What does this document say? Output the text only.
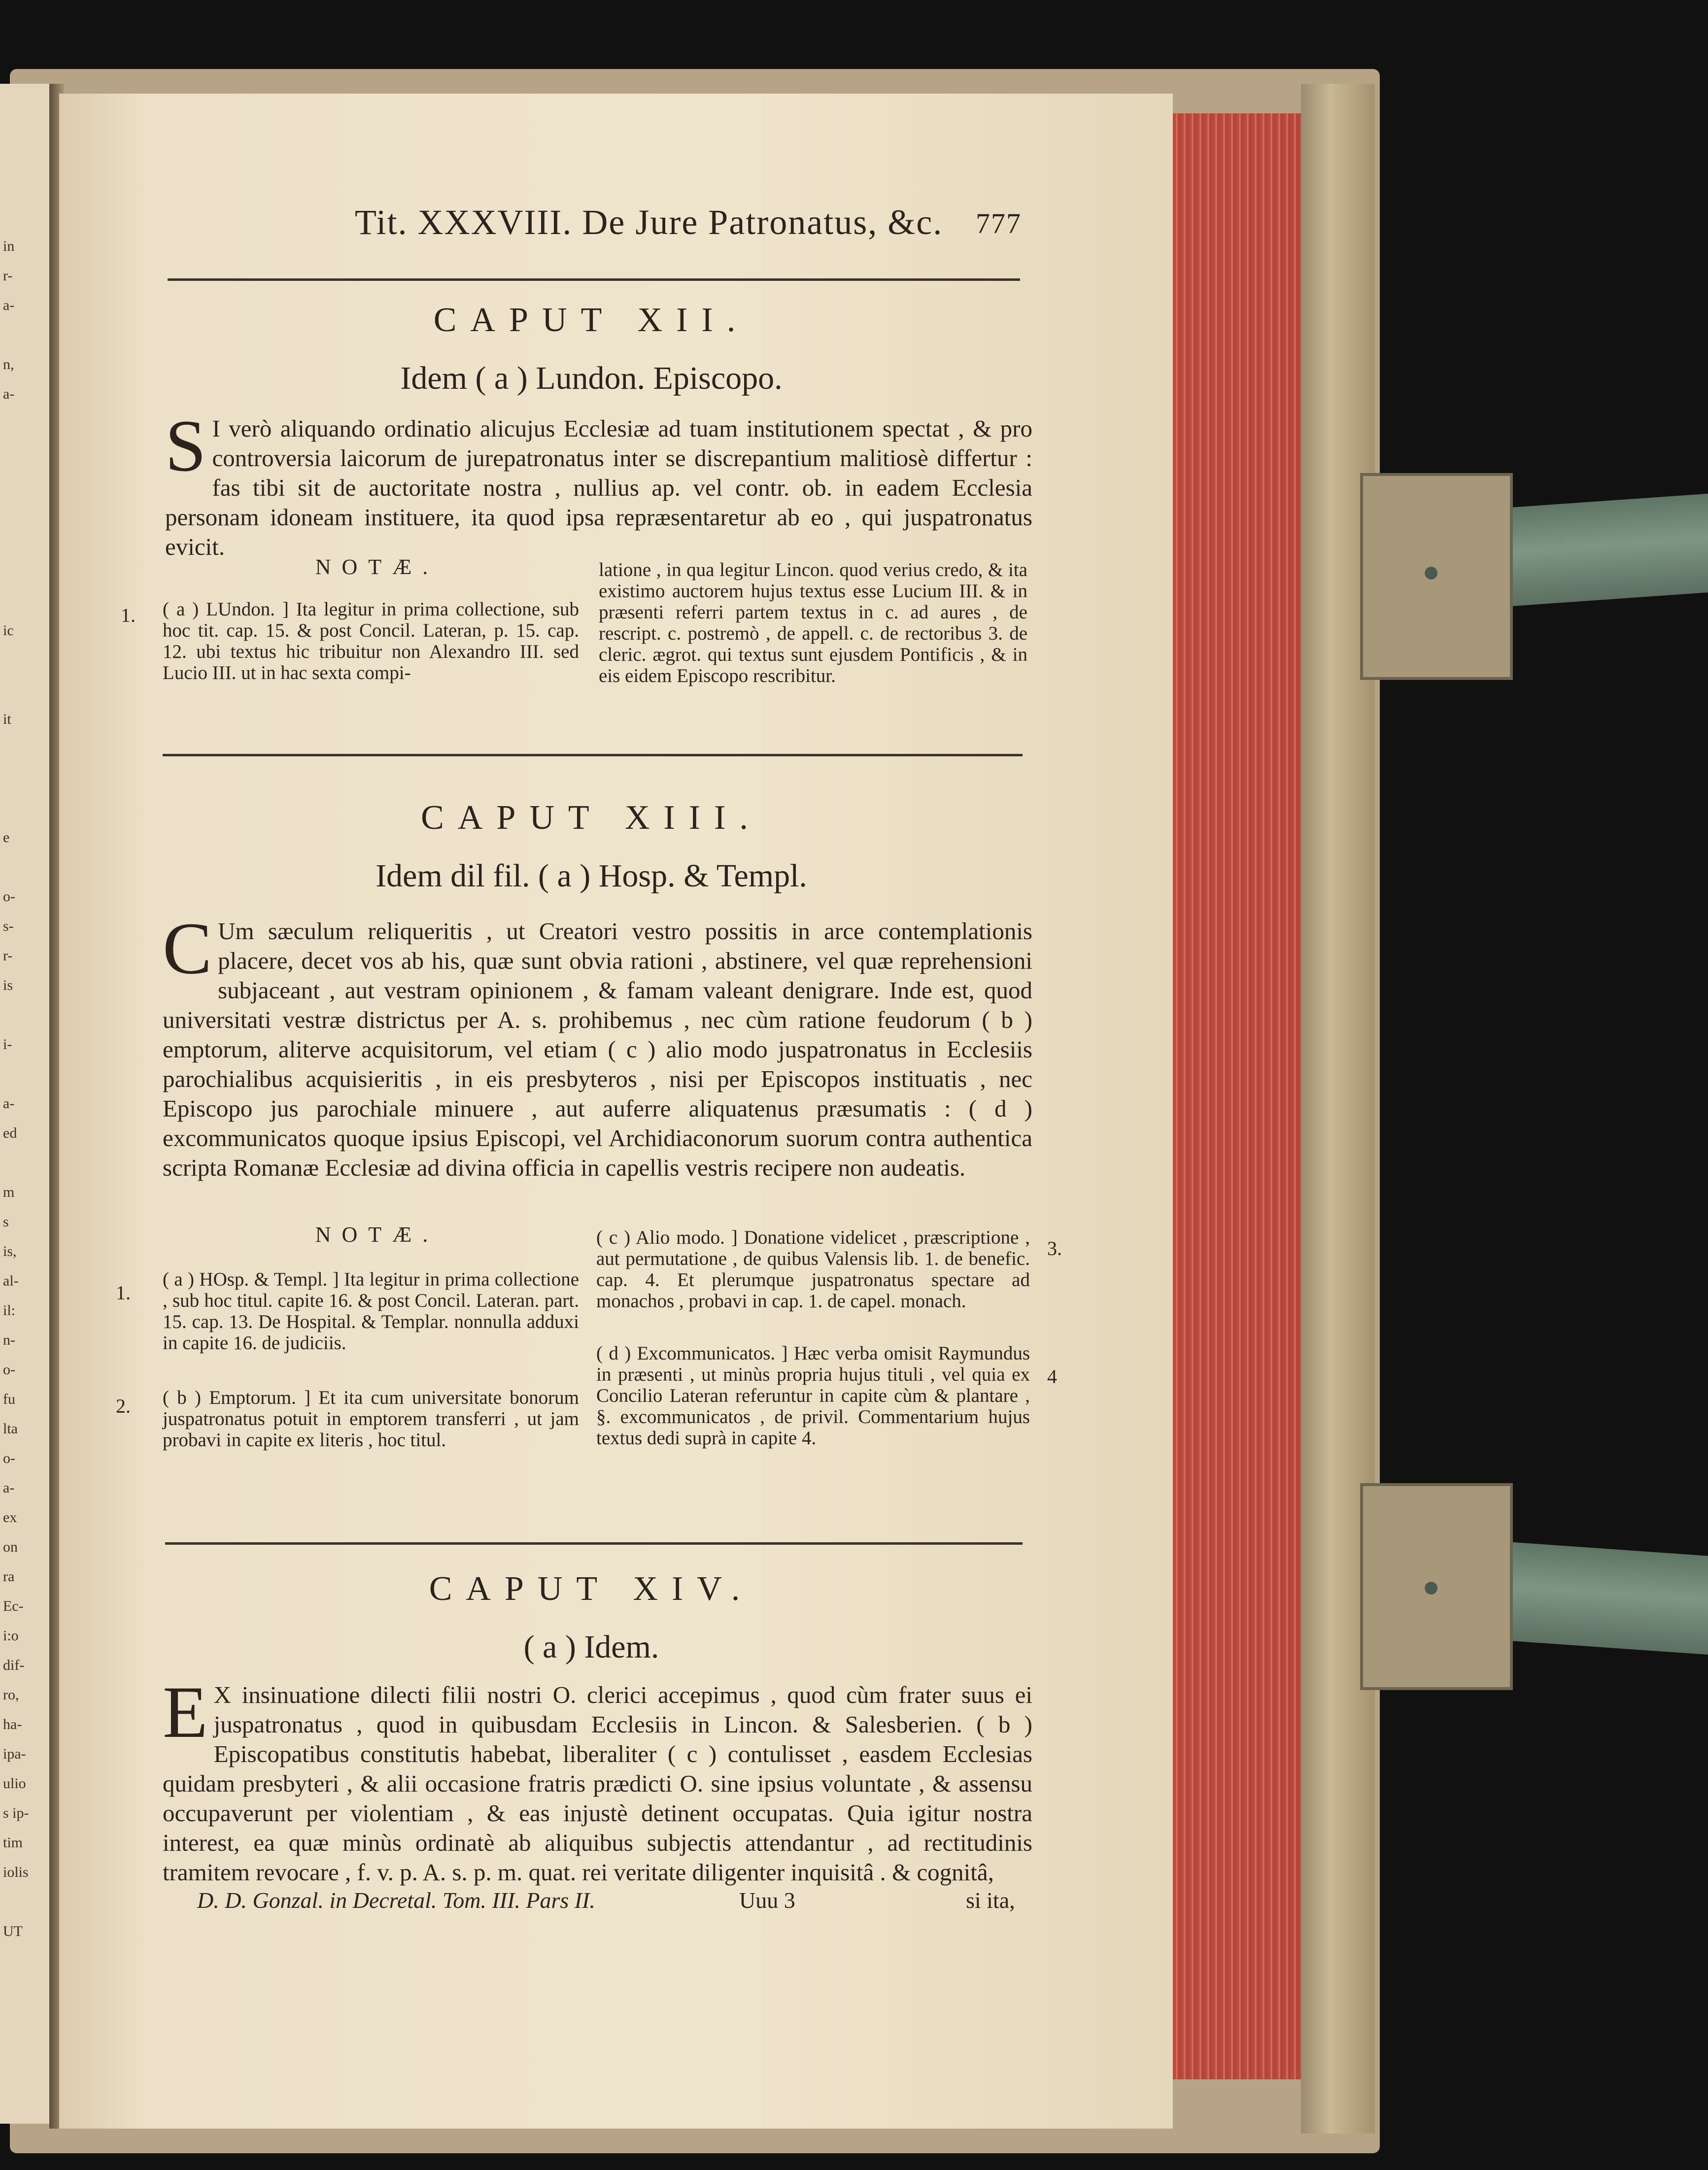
●
●
in
r-
a-
n,
a-
ic
it
e
o-
s-
r-
is
i-
a-
ed
m
s
is,
al-
il:
n-
o-
fu
lta
o-
a-
ex
on
ra
Ec-
i:o
dif-
ro,
ha-
ipa-
ulio
s ip-
tim
iolis
UT
Tit. XXXVIII. De Jure Patronatus, &c.	777
CAPUT XII.
Idem ( a ) Lundon. Episcopo.
S I verò aliquando ordinatio alicujus Ecclesiæ ad tuam institutionem spectat , & pro controversia laicorum de jurepatronatus inter se discrepantium malitiosè differtur : fas tibi sit de auctoritate nostra , nullius ap. vel contr. ob. in eadem Ecclesia personam idoneam instituere, ita quod ipsa repræsentaretur ab eo , qui juspatronatus evicit.
NOTÆ.
1. ( a ) LUndon. ] Ita legitur in prima collectione, sub hoc tit. cap. 15. & post Concil. Lateran, p. 15. cap. 12. ubi textus hic tribuitur non Alexandro III. sed Lucio III. ut in hac sexta compi-
latione , in qua legitur Lincon. quod verius credo, & ita existimo auctorem hujus textus esse Lucium III. & in præsenti referri partem textus in c. ad aures , de rescript. c. postremò , de appell. c. de rectoribus 3. de cleric. ægrot. qui textus sunt ejusdem Pontificis , & in eis eidem Episcopo rescribitur.
CAPUT XIII.
Idem dil fil. ( a ) Hosp. & Templ.
C Um sæculum reliqueritis , ut Creatori vestro possitis in arce contemplationis placere, decet vos ab his, quæ sunt obvia rationi , abstinere, vel quæ reprehensioni subjaceant , aut vestram opinionem , & famam valeant denigrare. Inde est, quod universitati vestræ districtus per A. s. prohibemus , nec cùm ratione feudorum ( b ) emptorum, aliterve acquisitorum, vel etiam ( c ) alio modo juspatronatus in Ecclesiis parochialibus acquisieritis , in eis presbyteros , nisi per Episcopos instituatis , nec Episcopo jus parochiale minuere , aut auferre aliquatenus præsumatis : ( d ) excommunicatos quoque ipsius Episcopi, vel Archidiaconorum suorum contra authentica scripta Romanæ Ecclesiæ ad divina officia in capellis vestris recipere non audeatis.
NOTÆ.
1.
2.
3.
4
( a ) HOsp. & Templ. ] Ita legitur in prima collectione , sub hoc titul. capite 16. & post Concil. Lateran. part. 15. cap. 13. De Hospital. & Templar. nonnulla adduxi in capite 16. de judiciis.
( b ) Emptorum. ] Et ita cum universitate bonorum juspatronatus potuit in emptorem transferri , ut jam probavi in capite ex literis , hoc titul.
( c ) Alio modo. ] Donatione videlicet , præscriptione , aut permutatione , de quibus Valensis lib. 1. de benefic. cap. 4. Et plerumque juspatronatus spectare ad monachos , probavi in cap. 1. de capel. monach.
( d ) Excommunicatos. ] Hæc verba omisit Raymundus in præsenti , ut minùs propria hujus tituli , vel quia ex Concilio Lateran referuntur in capite cùm & plantare , §. excommunicatos , de privil. Commentarium hujus textus dedi suprà in capite 4.
CAPUT XIV.
( a ) Idem.
E X insinuatione dilecti filii nostri O. clerici accepimus , quod cùm frater suus ei juspatronatus , quod in quibusdam Ecclesiis in Lincon. & Salesberien. ( b ) Episcopatibus constitutis habebat, liberaliter ( c ) contulisset , easdem Ecclesias quidam presbyteri , & alii occasione fratris prædicti O. sine ipsius voluntate , & assensu occupaverunt per violentiam , & eas injustè detinent occupatas. Quia igitur nostra interest, ea quæ minùs ordinatè ab aliquibus subjectis attendantur , ad rectitudinis tramitem revocare , f. v. p. A. s. p. m. quat. rei veritate diligenter inquisitâ . & cognitâ,
D. D. Gonzal. in Decretal. Tom. III. Pars II.	Uuu 3	si ita,
